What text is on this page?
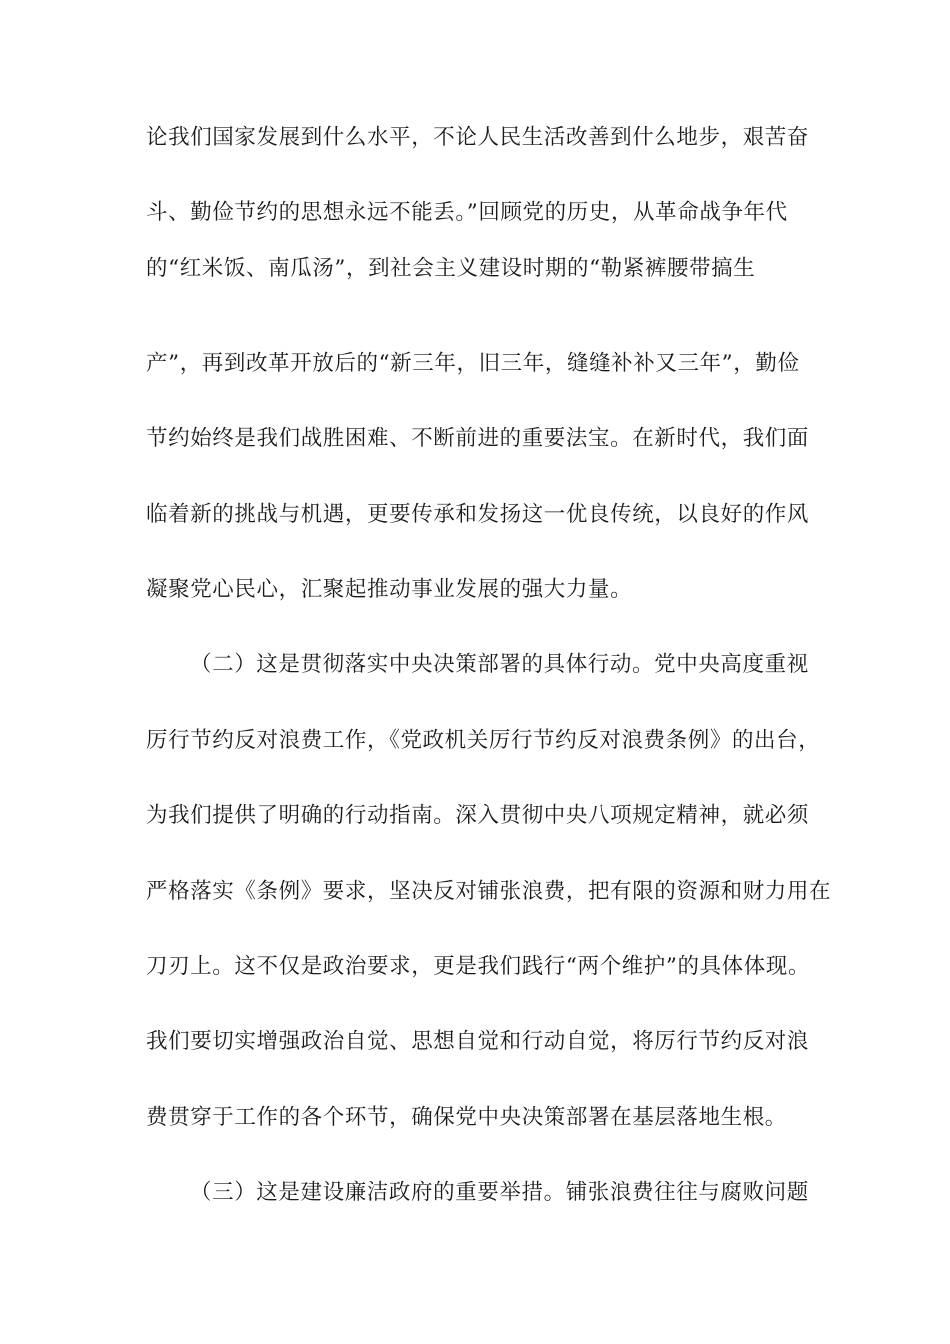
论我们国家发展到什么水平，不论人民生活改善到什么地步，艰苦奋
斗、勤俭节约的思想永远不能丢。”回顾党的历史，从革命战争年代
的“红米饭、南瓜汤”，到社会主义建设时期的“勒紧裤腰带搞生
产”，再到改革开放后的“新三年，旧三年，缝缝补补又三年”，勤俭
节约始终是我们战胜困难、不断前进的重要法宝。在新时代，我们面
临着新的挑战与机遇，更要传承和发扬这一优良传统，以良好的作风
凝聚党心民心，汇聚起推动事业发展的强大力量。
（二）这是贯彻落实中央决策部署的具体行动。党中央高度重视
厉行节约反对浪费工作，《党政机关厉行节约反对浪费条例》的出台，
为我们提供了明确的行动指南。深入贯彻中央八项规定精神，就必须
严格落实《条例》要求，坚决反对铺张浪费，把有限的资源和财力用在
刀刃上。这不仅是政治要求，更是我们践行“两个维护”的具体体现。
我们要切实增强政治自觉、思想自觉和行动自觉，将厉行节约反对浪
费贯穿于工作的各个环节，确保党中央决策部署在基层落地生根。
（三）这是建设廉洁政府的重要举措。铺张浪费往往与腐败问题
